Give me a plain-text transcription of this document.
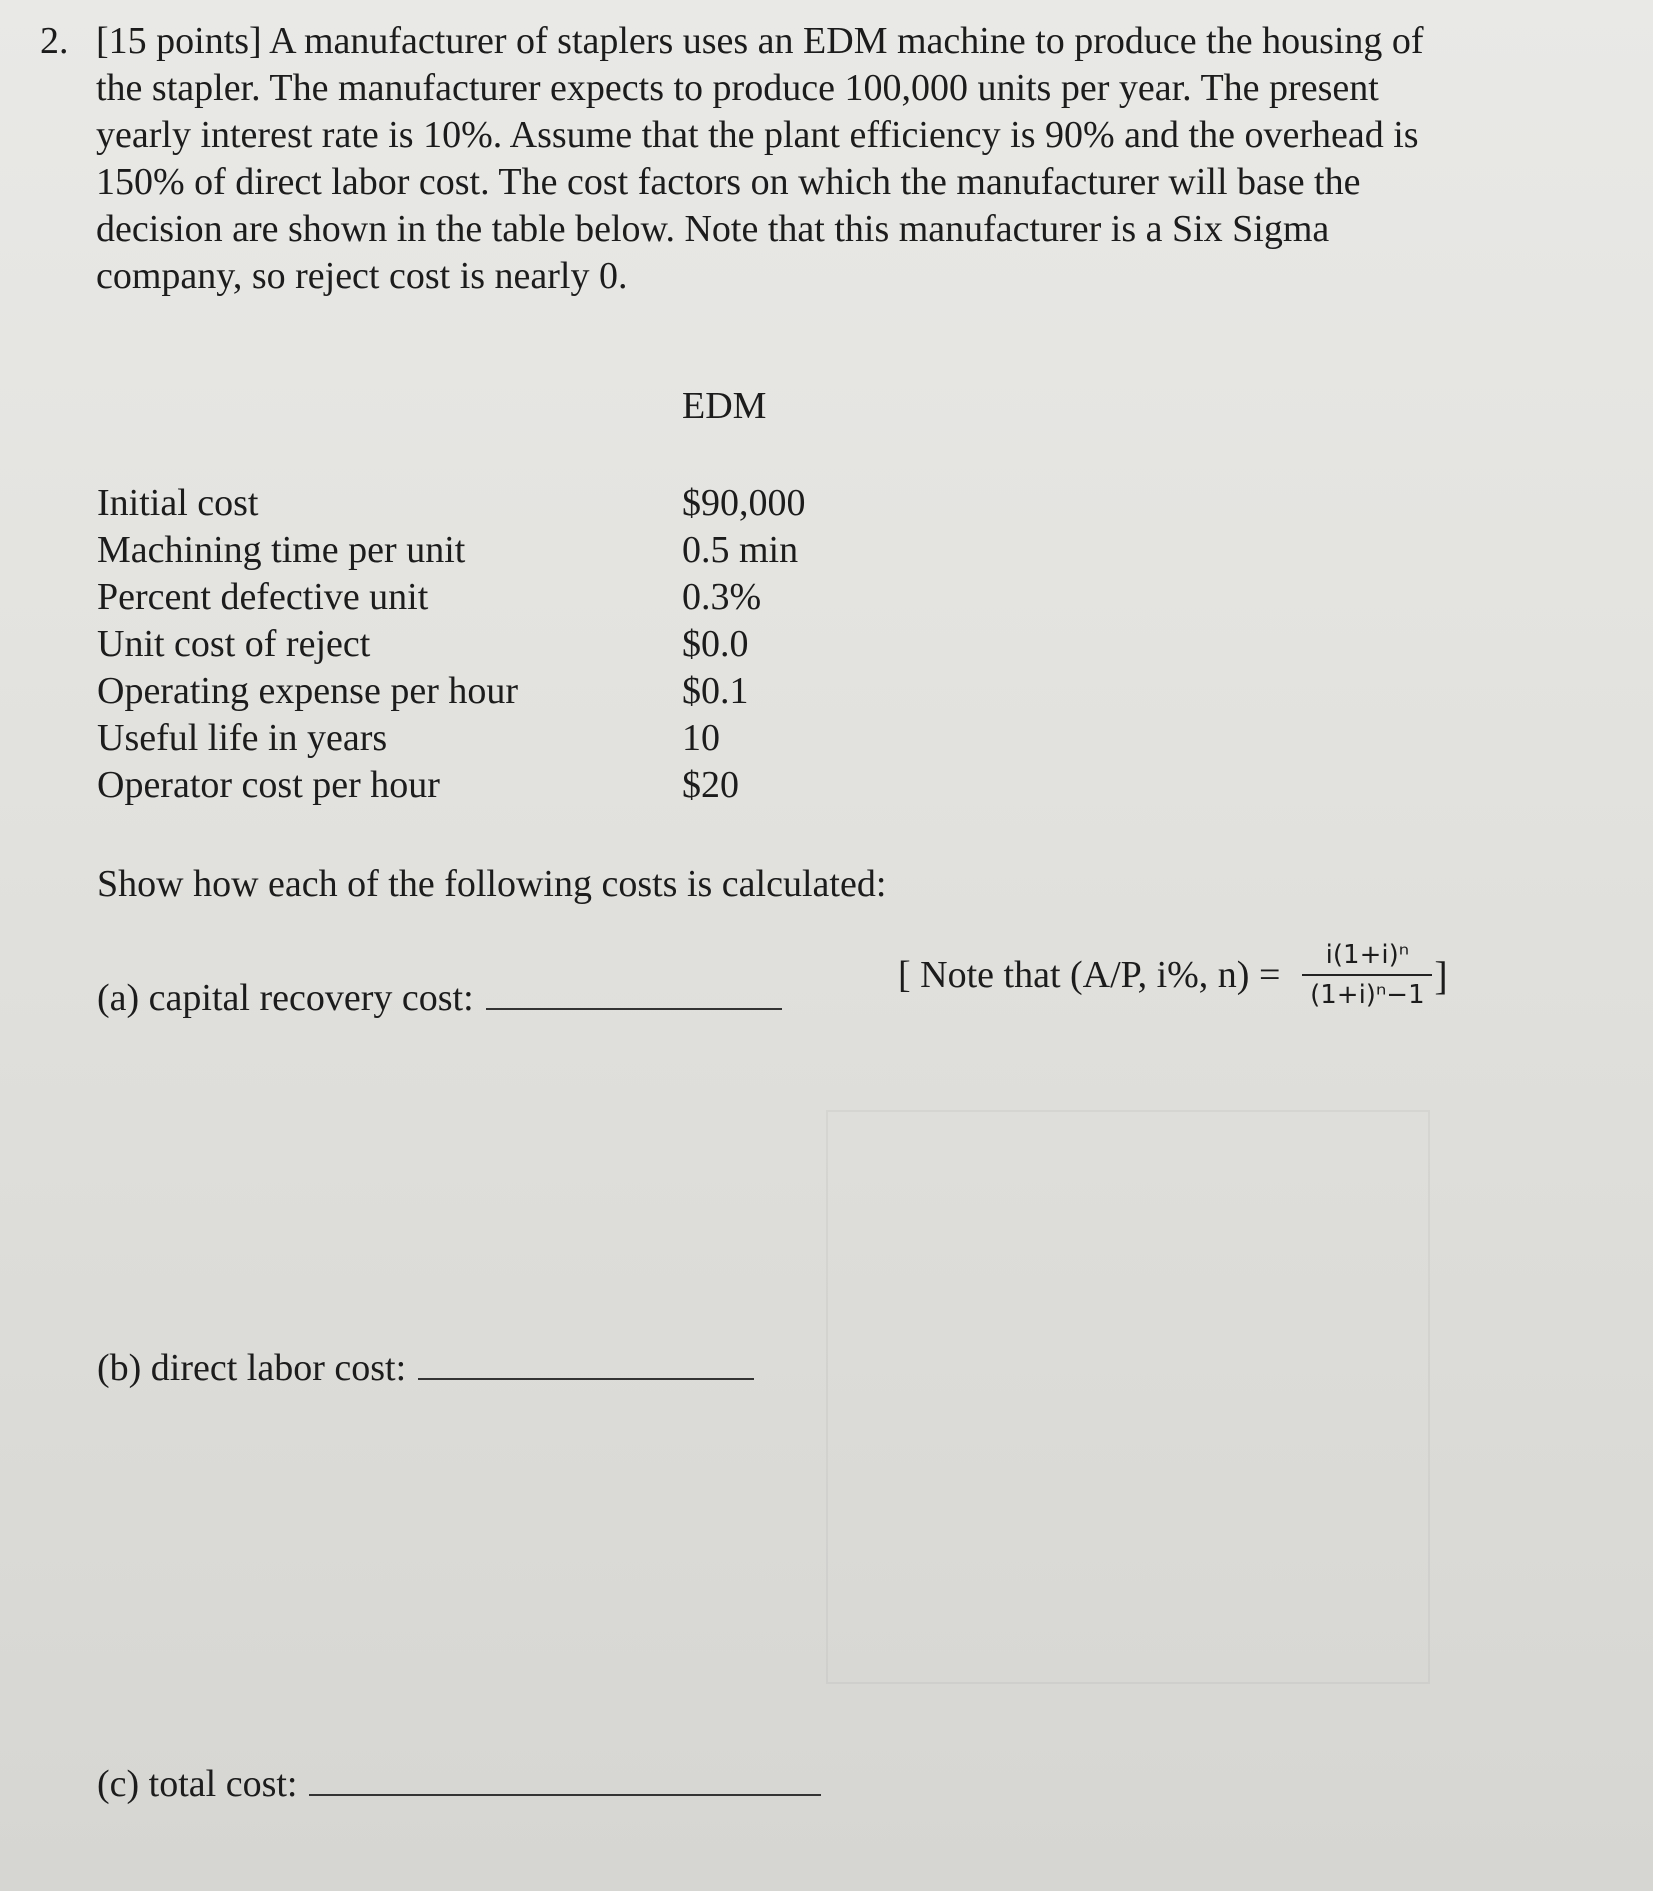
2. [15 points] A manufacturer of staplers uses an EDM machine to produce the housing of
the stapler. The manufacturer expects to produce 100,000 units per year. The present
yearly interest rate is 10%. Assume that the plant efficiency is 90% and the overhead is
150% of direct labor cost. The cost factors on which the manufacturer will base the
decision are shown in the table below. Note that this manufacturer is a Six Sigma
company, so reject cost is nearly 0.
EDM
Initial cost	$90,000
Machining time per unit	0.5 min
Percent defective unit	0.3%
Unit cost of reject	$0.0
Operating expense per hour	$0.1
Useful life in years	10
Operator cost per hour	$20
Show how each of the following costs is calculated:
(a) capital recovery cost:
[ Note that (A/P, i%, $n) = \frac{\text{i(1+i)ⁿ}}{\text{(1+i)ⁿ−1}}$ ]
(b) direct labor cost:
(c) total cost:
